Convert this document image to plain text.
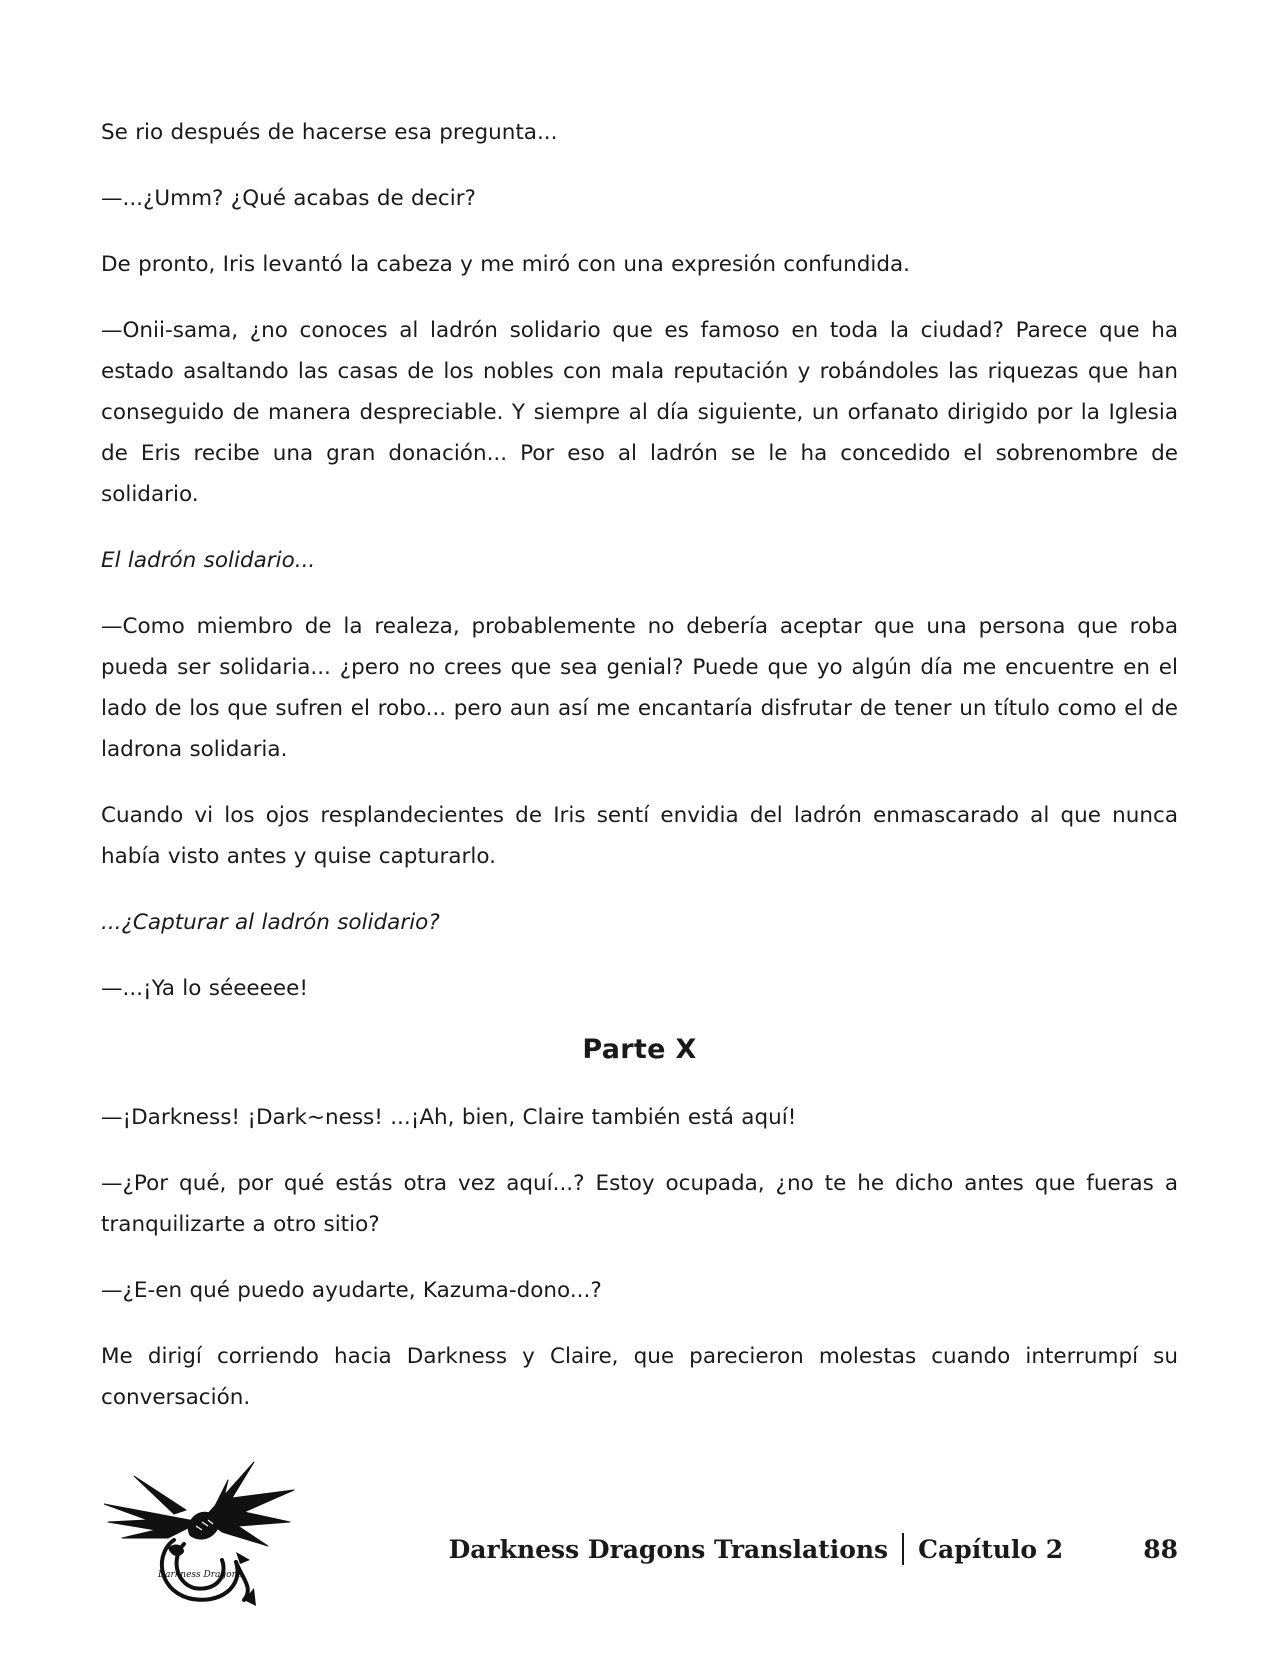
Se rio después de hacerse esa pregunta...

—...¿Umm? ¿Qué acabas de decir?

De pronto, Iris levantó la cabeza y me miró con una expresión confundida.

—Onii-sama, ¿no conoces al ladrón solidario que es famoso en toda la ciudad? Parece que ha estado asaltando las casas de los nobles con mala reputación y robándoles las riquezas que han conseguido de manera despreciable. Y siempre al día siguiente, un orfanato dirigido por la Iglesia de Eris recibe una gran donación... Por eso al ladrón se le ha concedido el sobrenombre de solidario.

El ladrón solidario...

—Como miembro de la realeza, probablemente no debería aceptar que una persona que roba pueda ser solidaria... ¿pero no crees que sea genial? Puede que yo algún día me encuentre en el lado de los que sufren el robo... pero aun así me encantaría disfrutar de tener un título como el de ladrona solidaria.

Cuando vi los ojos resplandecientes de Iris sentí envidia del ladrón enmascarado al que nunca había visto antes y quise capturarlo.

...¿Capturar al ladrón solidario?

—...¡Ya lo séeeeee!

Parte X

—¡Darkness! ¡Dark~ness! ...¡Ah, bien, Claire también está aquí!

—¿Por qué, por qué estás otra vez aquí...? Estoy ocupada, ¿no te he dicho antes que fueras a tranquilizarte a otro sitio?

—¿E-en qué puedo ayudarte, Kazuma-dono...?

Me dirigí corriendo hacia Darkness y Claire, que parecieron molestas cuando interrumpí su conversación.

Darkness Dragons
Darkness Dragons Translations Capítulo 2	88
